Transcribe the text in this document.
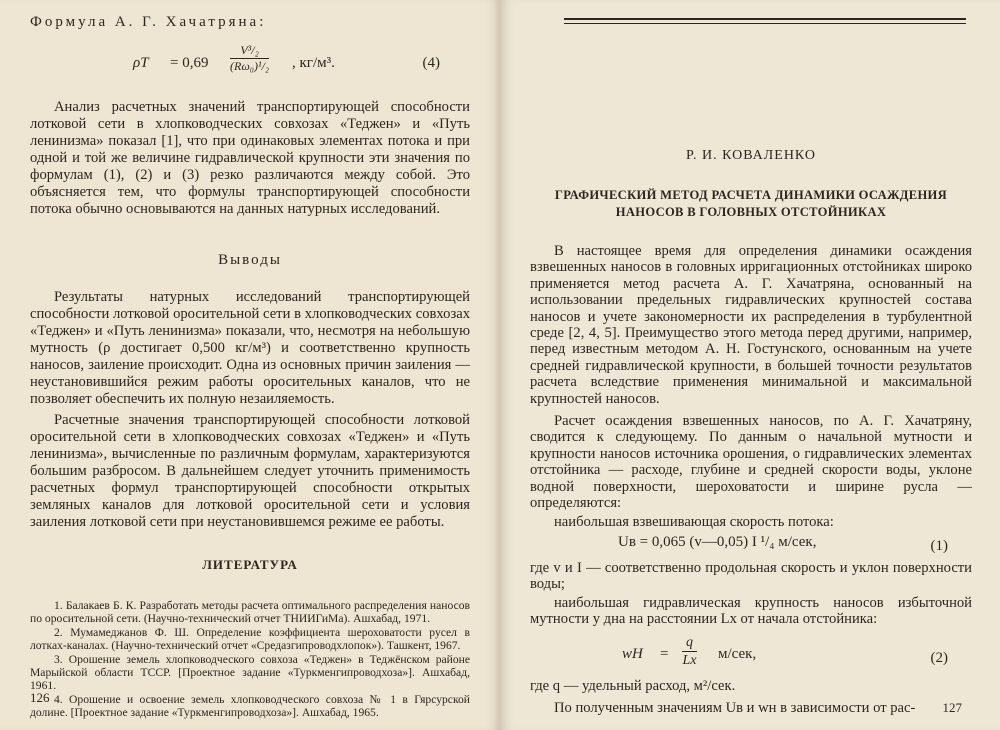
Формула А. Г. Хачатряна:
$\rho T = 0,69 \frac{\text{V³/₂}}{\text{(Rω₀)¹/₂}}$ , кг/м³.	(4)

Анализ расчетных значений транспортирующей способности лотковой сети в хлопководческих совхозах «Теджен» и «Путь ленинизма» показал [1], что при одинаковых элементах потока и при одной и той же величине гидравлической крупности эти значения по формулам (1), (2) и (3) резко различаются между собой. Это объясняется тем, что формулы транспортирующей способности потока обычно основываются на данных натурных исследований.

Выводы

Результаты натурных исследований транспортирующей способности лотковой оросительной сети в хлопководческих совхозах «Теджен» и «Путь ленинизма» показали, что, несмотря на небольшую мутность (ρ достигает 0,500 кг/м³) и соответственно крупность наносов, заиление происходит. Одна из основных причин заиления — неустановившийся режим работы оросительных каналов, что не позволяет обеспечить их полную незаиляемость.

Расчетные значения транспортирующей способности лотковой оросительной сети в хлопководческих совхозах «Теджен» и «Путь ленинизма», вычисленные по различным формулам, характеризуются большим разбросом. В дальнейшем следует уточнить применимость расчетных формул транспортирующей способности открытых земляных каналов для лотковой оросительной сети и условия заиления лотковой сети при неустановившемся режиме ее работы.

ЛИТЕРАТУРА

1. Балакаев Б. К. Разработать методы расчета оптимального распределения наносов по оросительной сети. (Научно-технический отчет ТНИИГиМа). Ашхабад, 1971.

2. Мумамеджанов Ф. Ш. Определение коэффициента шероховатости русел в лотках-каналах. (Научно-технический отчет «Средазгипроводхлопок»). Ташкент, 1967.

3. Орошение земель хлопководческого совхоза «Теджен» в Теджёнском районе Марыйской области ТССР. [Проектное задание «Туркменгипроводхоза»]. Ашхабад, 1961.

4. Орошение и освоение земель хлопководческого совхоза № 1 в Гярсурской долине. [Проектное задание «Туркменгипроводхоза»]. Ашхабад, 1965.

126
Р. И. КОВАЛЕНКО
ГРАФИЧЕСКИЙ МЕТОД РАСЧЕТА ДИНАМИКИ ОСАЖДЕНИЯ
НАНОСОВ В ГОЛОВНЫХ ОТСТОЙНИКАХ

В настоящее время для определения динамики осаждения взвешенных наносов в головных ирригационных отстойниках широко применяется метод расчета А. Г. Хачатряна, основанный на использовании предельных гидравлических крупностей состава наносов и учете закономерности их распределения в турбулентной среде [2, 4, 5]. Преимущество этого метода перед другими, например, перед известным методом А. Н. Гостунского, основанным на учете средней гидравлической крупности, в большей точности результатов расчета вследствие применения минимальной и максимальной крупностей наносов.

Расчет осаждения взвешенных наносов, по А. Г. Хачатряну, сводится к следующему. По данным о начальной мутности и крупности наносов источника орошения, о гидравлических элементах отстойника — расходе, глубине и средней скорости воды, уклоне водной поверхности, шероховатости и ширине русла — определяются:

наибольшая взвешивающая скорость потока:

Uв = 0,065 (v—0,05) I ¹/₄ м/сек,	(1)

где v и I — соответственно продольная скорость и уклон поверхности воды;

наибольшая гидравлическая крупность наносов избыточной мутности у дна на расстоянии Lx от начала отстойника:

wH = $\frac{q}{Lx} м/сек$,	(2)

где q — удельный расход, м²/сек.

По полученным значениям Uв и wн в зависимости от рас-	127
